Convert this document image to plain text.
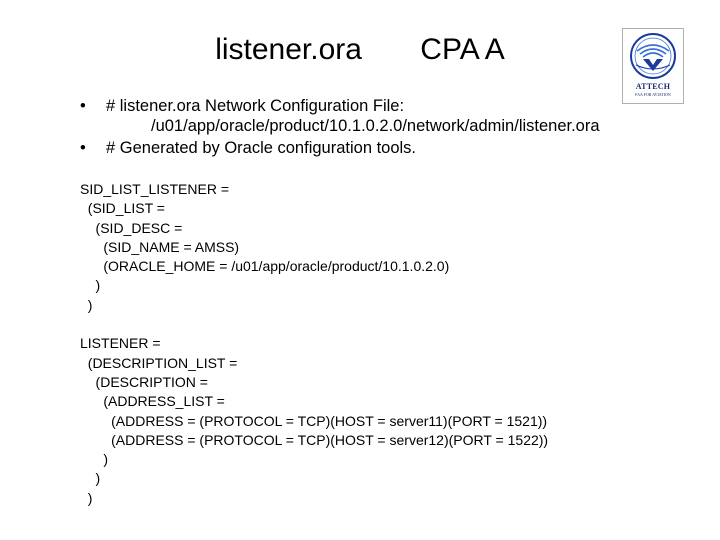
listener.ora       CPA A
ATTECH
FAA FOR AVIATION
• # listener.ora Network Configuration File:
/u01/app/oracle/product/10.1.0.2.0/network/admin/listener.ora
• # Generated by Oracle configuration tools.
SID_LIST_LISTENER =
(SID_LIST =
(SID_DESC =
(SID_NAME = AMSS)
(ORACLE_HOME = /u01/app/oracle/product/10.1.0.2.0)
)
)
LISTENER =
(DESCRIPTION_LIST =
(DESCRIPTION =
(ADDRESS_LIST =
(ADDRESS = (PROTOCOL = TCP)(HOST = server11)(PORT = 1521))
(ADDRESS = (PROTOCOL = TCP)(HOST = server12)(PORT = 1522))
)
)
)
